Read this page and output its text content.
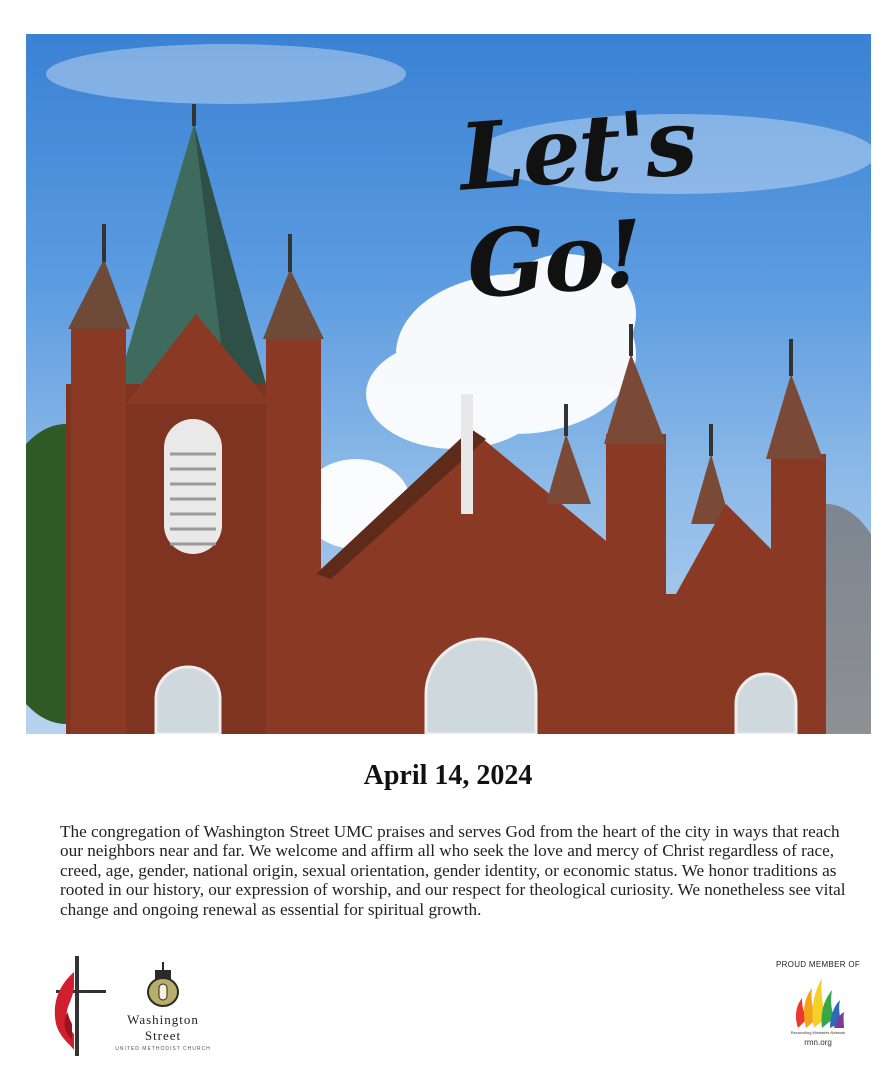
Let's Go!
April 14, 2024

The congregation of Washington Street UMC praises and serves God from the heart of the city in ways that reach our neighbors near and far. We welcome and affirm all who seek the love and mercy of Christ regardless of race, creed, age, gender, national origin, sexual orientation, gender identity, or economic status. We honor traditions as rooted in our history, our expression of worship, and our respect for theological curiosity. We nonetheless see vital change and ongoing renewal as essential for spiritual growth.

Washington
Street
UNITED METHODIST CHURCH
PROUD MEMBER OF
Reconciling Ministries Network
rmn.org
